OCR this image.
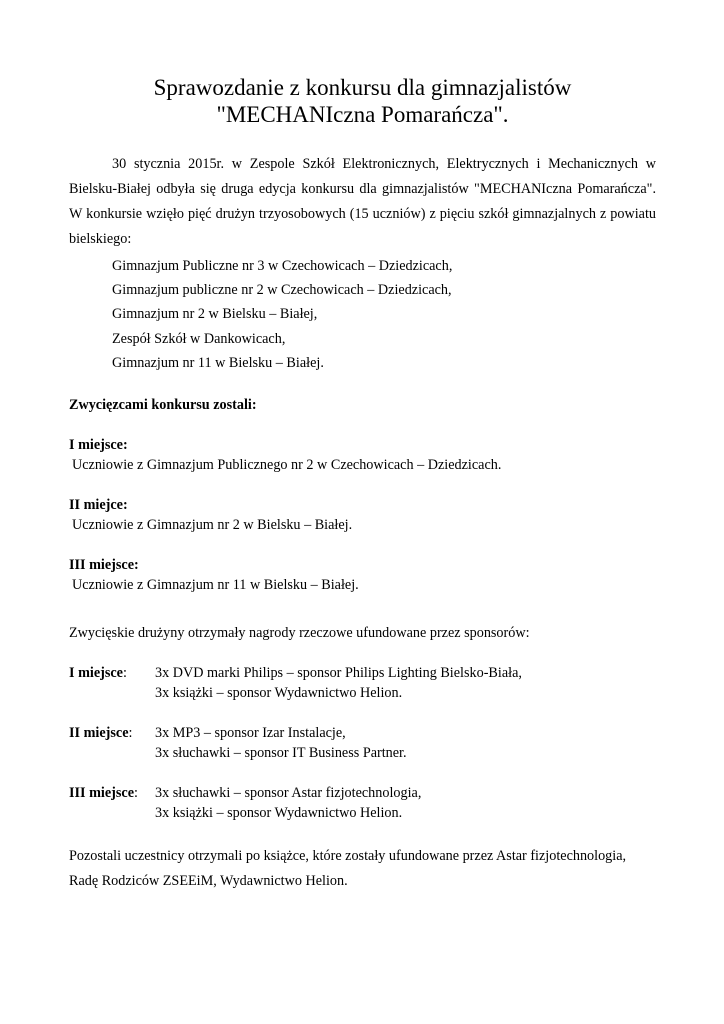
Sprawozdanie z konkursu dla gimnazjalistów
"MECHANIczna Pomarańcza".
30 stycznia 2015r. w Zespole Szkół Elektronicznych, Elektrycznych i Mechanicznych w Bielsku-Białej odbyła się druga edycja konkursu dla gimnazjalistów "MECHANIczna Pomarańcza". W konkursie wzięło pięć drużyn trzyosobowych (15 uczniów) z pięciu szkół gimnazjalnych z powiatu bielskiego:
Gimnazjum Publiczne nr 3 w Czechowicach – Dziedzicach,
Gimnazjum publiczne nr 2 w Czechowicach – Dziedzicach,
Gimnazjum nr 2 w Bielsku – Białej,
Zespół Szkół w Dankowicach,
Gimnazjum nr 11 w Bielsku – Białej.
Zwycięzcami konkursu zostali:
I miejsce:
Uczniowie z Gimnazjum Publicznego nr 2 w Czechowicach – Dziedzicach.
II miejce:
Uczniowie z Gimnazjum nr 2 w Bielsku – Białej.
III miejsce:
Uczniowie z Gimnazjum nr 11 w Bielsku – Białej.
Zwycięskie drużyny otrzymały nagrody rzeczowe ufundowane przez sponsorów:
I miejsce:	3x DVD marki Philips – sponsor Philips Lighting Bielsko-Biała,
3x książki – sponsor Wydawnictwo Helion.
II miejsce:	3x MP3 – sponsor Izar Instalacje,
3x słuchawki – sponsor IT Business Partner.
III miejsce:	3x słuchawki – sponsor Astar fizjotechnologia,
3x książki – sponsor Wydawnictwo Helion.
Pozostali uczestnicy otrzymali po książce, które zostały ufundowane przez Astar fizjotechnologia, Radę Rodziców ZSEEiM, Wydawnictwo Helion.
